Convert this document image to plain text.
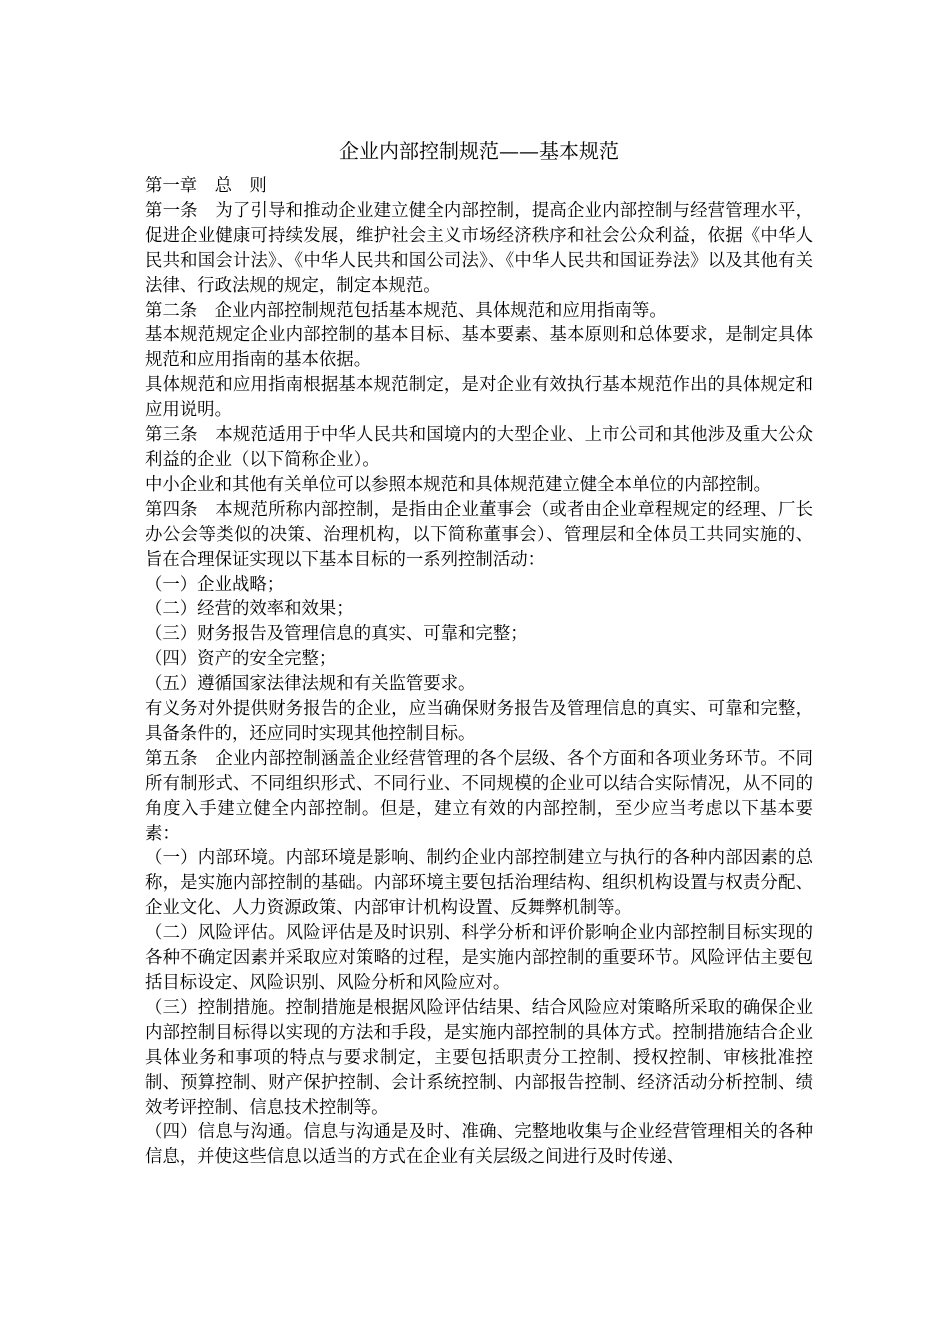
企业内部控制规范——基本规范

第一章　总　则

第一条　为了引导和推动企业建立健全内部控制，提高企业内部控制与经营管理水平，促进企业健康可持续发展，维护社会主义市场经济秩序和社会公众利益，依据《中华人民共和国会计法》、《中华人民共和国公司法》、《中华人民共和国证券法》以及其他有关法律、行政法规的规定，制定本规范。

第二条　企业内部控制规范包括基本规范、具体规范和应用指南等。

基本规范规定企业内部控制的基本目标、基本要素、基本原则和总体要求，是制定具体规范和应用指南的基本依据。

具体规范和应用指南根据基本规范制定，是对企业有效执行基本规范作出的具体规定和应用说明。

第三条　本规范适用于中华人民共和国境内的大型企业、上市公司和其他涉及重大公众利益的企业（以下简称企业）。

中小企业和其他有关单位可以参照本规范和具体规范建立健全本单位的内部控制。

第四条　本规范所称内部控制，是指由企业董事会（或者由企业章程规定的经理、厂长办公会等类似的决策、治理机构，以下简称董事会）、管理层和全体员工共同实施的、旨在合理保证实现以下基本目标的一系列控制活动：

（一）企业战略；

（二）经营的效率和效果；

（三）财务报告及管理信息的真实、可靠和完整；

（四）资产的安全完整；

（五）遵循国家法律法规和有关监管要求。

有义务对外提供财务报告的企业，应当确保财务报告及管理信息的真实、可靠和完整，具备条件的，还应同时实现其他控制目标。

第五条　企业内部控制涵盖企业经营管理的各个层级、各个方面和各项业务环节。不同所有制形式、不同组织形式、不同行业、不同规模的企业可以结合实际情况，从不同的角度入手建立健全内部控制。但是，建立有效的内部控制，至少应当考虑以下基本要素：

（一）内部环境。内部环境是影响、制约企业内部控制建立与执行的各种内部因素的总称，是实施内部控制的基础。内部环境主要包括治理结构、组织机构设置与权责分配、企业文化、人力资源政策、内部审计机构设置、反舞弊机制等。

（二）风险评估。风险评估是及时识别、科学分析和评价影响企业内部控制目标实现的各种不确定因素并采取应对策略的过程，是实施内部控制的重要环节。风险评估主要包括目标设定、风险识别、风险分析和风险应对。

（三）控制措施。控制措施是根据风险评估结果、结合风险应对策略所采取的确保企业内部控制目标得以实现的方法和手段，是实施内部控制的具体方式。控制措施结合企业具体业务和事项的特点与要求制定，主要包括职责分工控制、授权控制、审核批准控制、预算控制、财产保护控制、会计系统控制、内部报告控制、经济活动分析控制、绩效考评控制、信息技术控制等。

（四）信息与沟通。信息与沟通是及时、准确、完整地收集与企业经营管理相关的各种信息，并使这些信息以适当的方式在企业有关层级之间进行及时传递、
